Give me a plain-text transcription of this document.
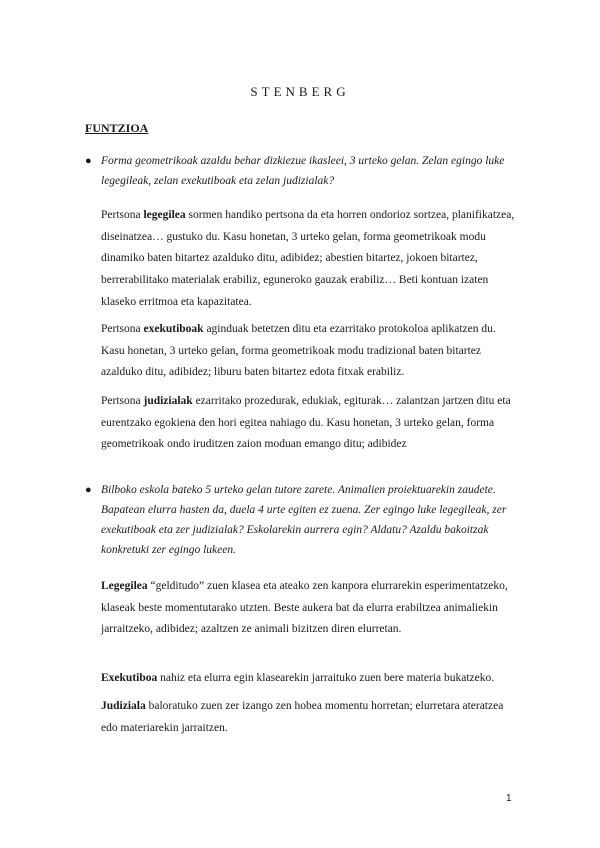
STENBERG
FUNTZIOA
● Forma geometrikoak azaldu behar dizkiezue ikasleei, 3 urteko gelan. Zelan egingo luke legegileak, zelan exekutiboak eta zelan judizialak?
Pertsona legegilea sormen handiko pertsona da eta horren ondorioz sortzea, planifikatzea, diseinatzea… gustuko du. Kasu honetan, 3 urteko gelan, forma geometrikoak modu dinamiko baten bitartez azalduko ditu, adibidez; abestien bitartez, jokoen bitartez, berrerabilitako materialak erabiliz, eguneroko gauzak erabiliz… Beti kontuan izaten klaseko erritmoa eta kapazitatea.
Pertsona exekutiboak aginduak betetzen ditu eta ezarritako protokoloa aplikatzen du. Kasu honetan, 3 urteko gelan, forma geometrikoak modu tradizional baten bitartez azalduko ditu, adibidez; liburu baten bitartez edota fitxak erabiliz.
Pertsona judizialak ezarritako prozedurak, edukiak, egiturak… zalantzan jartzen ditu eta eurentzako egokiena den hori egitea nahiago du. Kasu honetan, 3 urteko gelan, forma geometrikoak ondo iruditzen zaion moduan emango ditu; adibidez
● Bilboko eskola bateko 5 urteko gelan tutore zarete. Animalien proiektuarekin zaudete. Bapatean elurra hasten da, duela 4 urte egiten ez zuena. Zer egingo luke legegileak, zer exekutiboak eta zer judizialak? Eskolarekin aurrera egin? Aldatu? Azaldu bakoitzak konkretuki zer egingo lukeen.
Legegilea “gelditudo” zuen klasea eta ateako zen kanpora elurrarekin esperimentatzeko, klaseak beste momentutarako utzten. Beste aukera bat da elurra erabiltzea animaliekin jarraitzeko, adibidez; azaltzen ze animali bizitzen diren elurretan.
Exekutiboa nahiz eta elurra egin klasearekin jarraituko zuen bere materia bukatzeko.
Judiziala baloratuko zuen zer izango zen hobea momentu horretan; elurretara ateratzea edo materiarekin jarraitzen.
1
